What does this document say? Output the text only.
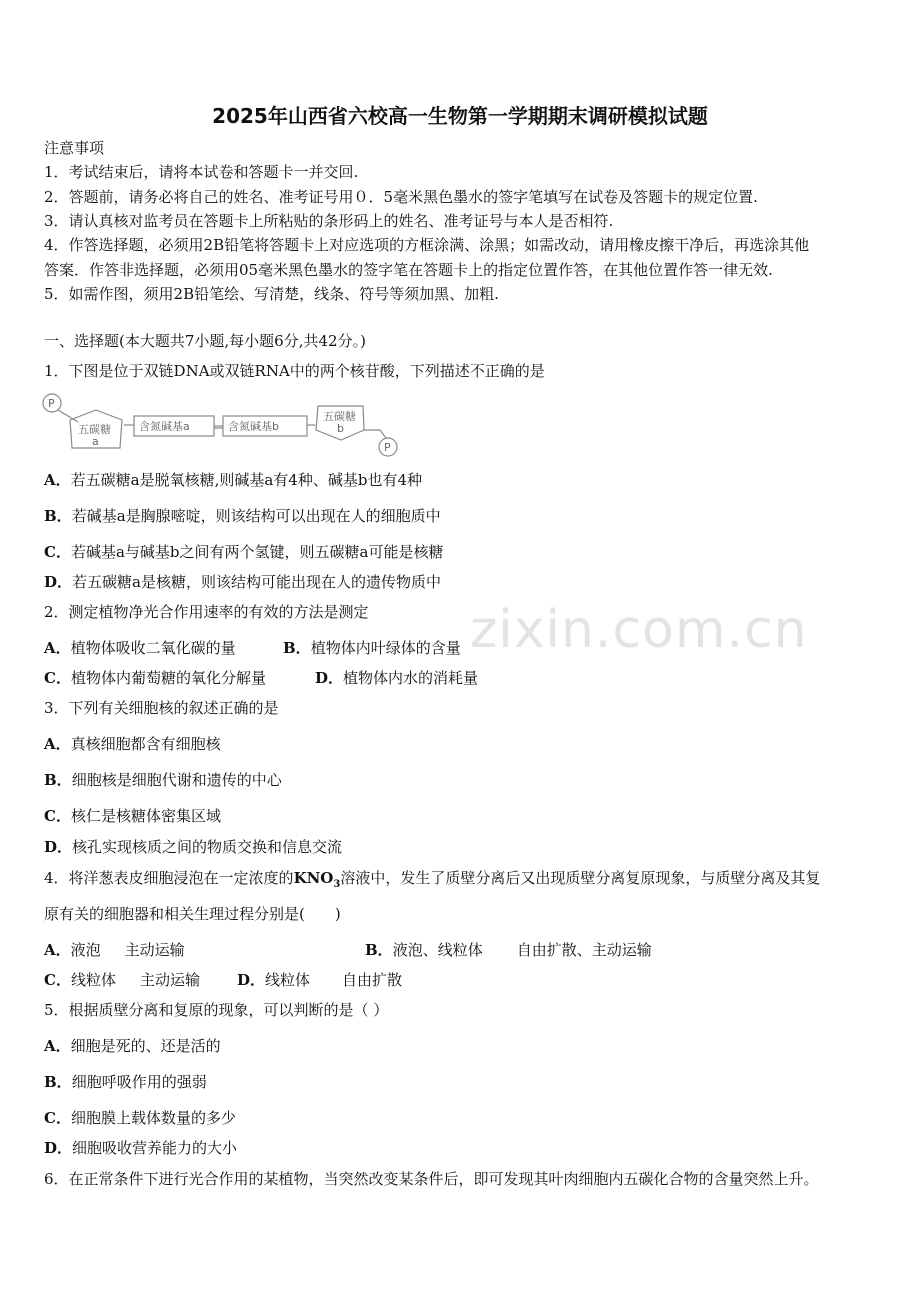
zixin.com.cn
2025年山西省六校高一生物第一学期期末调研模拟试题
注意事项
1．考试结束后，请将本试卷和答题卡一并交回.
2．答题前，请务必将自己的姓名、准考证号用０．5毫米黑色墨水的签字笔填写在试卷及答题卡的规定位置.
3．请认真核对监考员在答题卡上所粘贴的条形码上的姓名、准考证号与本人是否相符.
4．作答选择题，必须用2B铅笔将答题卡上对应选项的方框涂满、涂黑；如需改动，请用橡皮擦干净后，再选涂其他
答案．作答非选择题，必须用05毫米黑色墨水的签字笔在答题卡上的指定位置作答，在其他位置作答一律无效.
5．如需作图，须用2B铅笔绘、写清楚，线条、符号等须加黑、加粗.
一、选择题(本大题共7小题,每小题6分,共42分。)
1．下图是位于双链DNA或双链RNA中的两个核苷酸，下列描述不正确的是
P
五碳糖
a
含氮碱基a	含氮碱基b
五碳糖
b
P
A．若五碳糖a是脱氧核糖,则碱基a有4种、碱基b也有4种
B．若碱基a是胸腺嘧啶，则该结构可以出现在人的细胞质中
C．若碱基a与碱基b之间有两个氢键，则五碳糖a可能是核糖
D．若五碳糖a是核糖，则该结构可能出现在人的遗传物质中
2．测定植物净光合作用速率的有效的方法是测定
A．植物体吸收二氧化碳的量	B．植物体内叶绿体的含量
C．植物体内葡萄糖的氧化分解量	D．植物体内水的消耗量
3．下列有关细胞核的叙述正确的是
A．真核细胞都含有细胞核
B．细胞核是细胞代谢和遗传的中心
C．核仁是核糖体密集区域
D．核孔实现核质之间的物质交换和信息交流
4．将洋葱表皮细胞浸泡在一定浓度的$KNO_3$溶液中，发生了质壁分离后又出现质壁分离复原现象，与质壁分离及其复
原有关的细胞器和相关生理过程分别是(　　)
A．液泡 主动运输	B．液泡、线粒体 自由扩散、主动运输
C．线粒体 主动运输 D．线粒体 自由扩散
5．根据质壁分离和复原的现象，可以判断的是（ ）
A．细胞是死的、还是活的
B．细胞呼吸作用的强弱
C．细胞膜上载体数量的多少
D．细胞吸收营养能力的大小
6．在正常条件下进行光合作用的某植物，当突然改变某条件后，即可发现其叶肉细胞内五碳化合物的含量突然上升。
